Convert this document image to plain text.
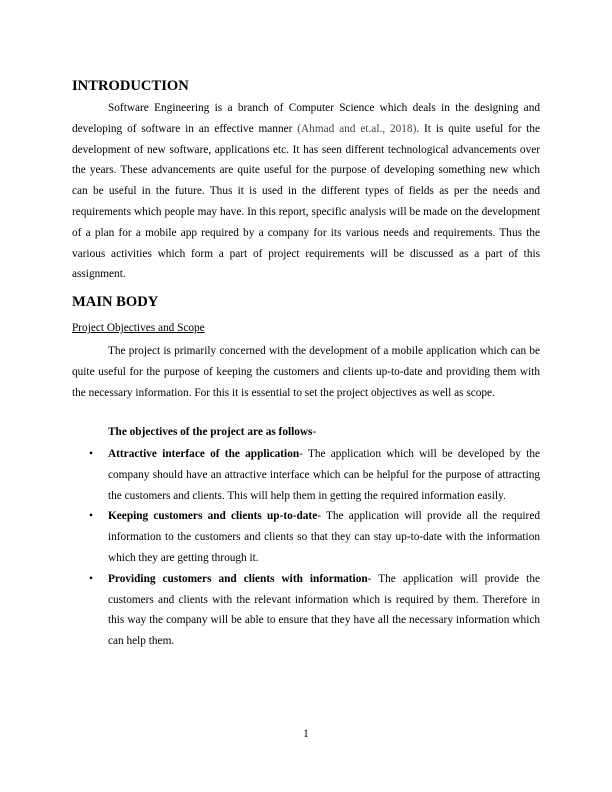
INTRODUCTION

Software Engineering is a branch of Computer Science which deals in the designing and developing of software in an effective manner (Ahmad and et.al., 2018). It is quite useful for the development of new software, applications etc. It has seen different technological advancements over the years. These advancements are quite useful for the purpose of developing something new which can be useful in the future. Thus it is used in the different types of fields as per the needs and requirements which people may have. In this report, specific analysis will be made on the development of a plan for a mobile app required by a company for its various needs and requirements. Thus the various activities which form a part of project requirements will be discussed as a part of this assignment.

MAIN BODY

Project Objectives and Scope

The project is primarily concerned with the development of a mobile application which can be quite useful for the purpose of keeping the customers and clients up-to-date and providing them with the necessary information. For this it is essential to set the project objectives as well as scope.

The objectives of the project are as follows-

• Attractive interface of the application- The application which will be developed by the company should have an attractive interface which can be helpful for the purpose of attracting the customers and clients. This will help them in getting the required information easily.
• Keeping customers and clients up-to-date- The application will provide all the required information to the customers and clients so that they can stay up-to-date with the information which they are getting through it.
• Providing customers and clients with information- The application will provide the customers and clients with the relevant information which is required by them. Therefore in this way the company will be able to ensure that they have all the necessary information which can help them.
1
